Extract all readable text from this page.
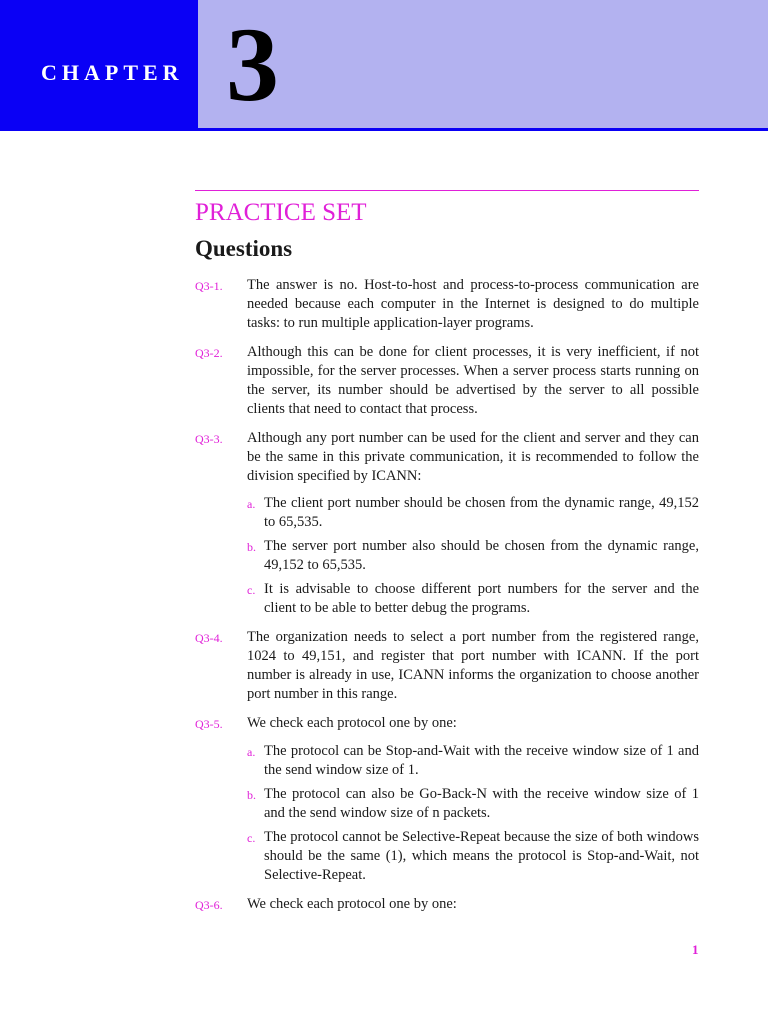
CHAPTER 3
PRACTICE SET
Questions
Q3-1.	The answer is no. Host-to-host and process-to-process communication are needed because each computer in the Internet is designed to do multiple tasks: to run multiple application-layer programs.
Q3-2.	Although this can be done for client processes, it is very inefficient, if not impossible, for the server processes. When a server process starts running on the server, its number should be advertised by the server to all possible clients that need to contact that process.
Q3-3.	Although any port number can be used for the client and server and they can be the same in this private communication, it is recommended to follow the division specified by ICANN:
a. The client port number should be chosen from the dynamic range, 49,152 to 65,535.
b. The server port number also should be chosen from the dynamic range, 49,152 to 65,535.
c. It is advisable to choose different port numbers for the server and the client to be able to better debug the programs.
Q3-4.	The organization needs to select a port number from the registered range, 1024 to 49,151, and register that port number with ICANN. If the port number is already in use, ICANN informs the organization to choose another port number in this range.
Q3-5.	We check each protocol one by one:
a. The protocol can be Stop-and-Wait with the receive window size of 1 and the send window size of 1.
b. The protocol can also be Go-Back-N with the receive window size of 1 and the send window size of n packets.
c. The protocol cannot be Selective-Repeat because the size of both windows should be the same (1), which means the protocol is Stop-and-Wait, not Selective-Repeat.
Q3-6.	We check each protocol one by one:
1
